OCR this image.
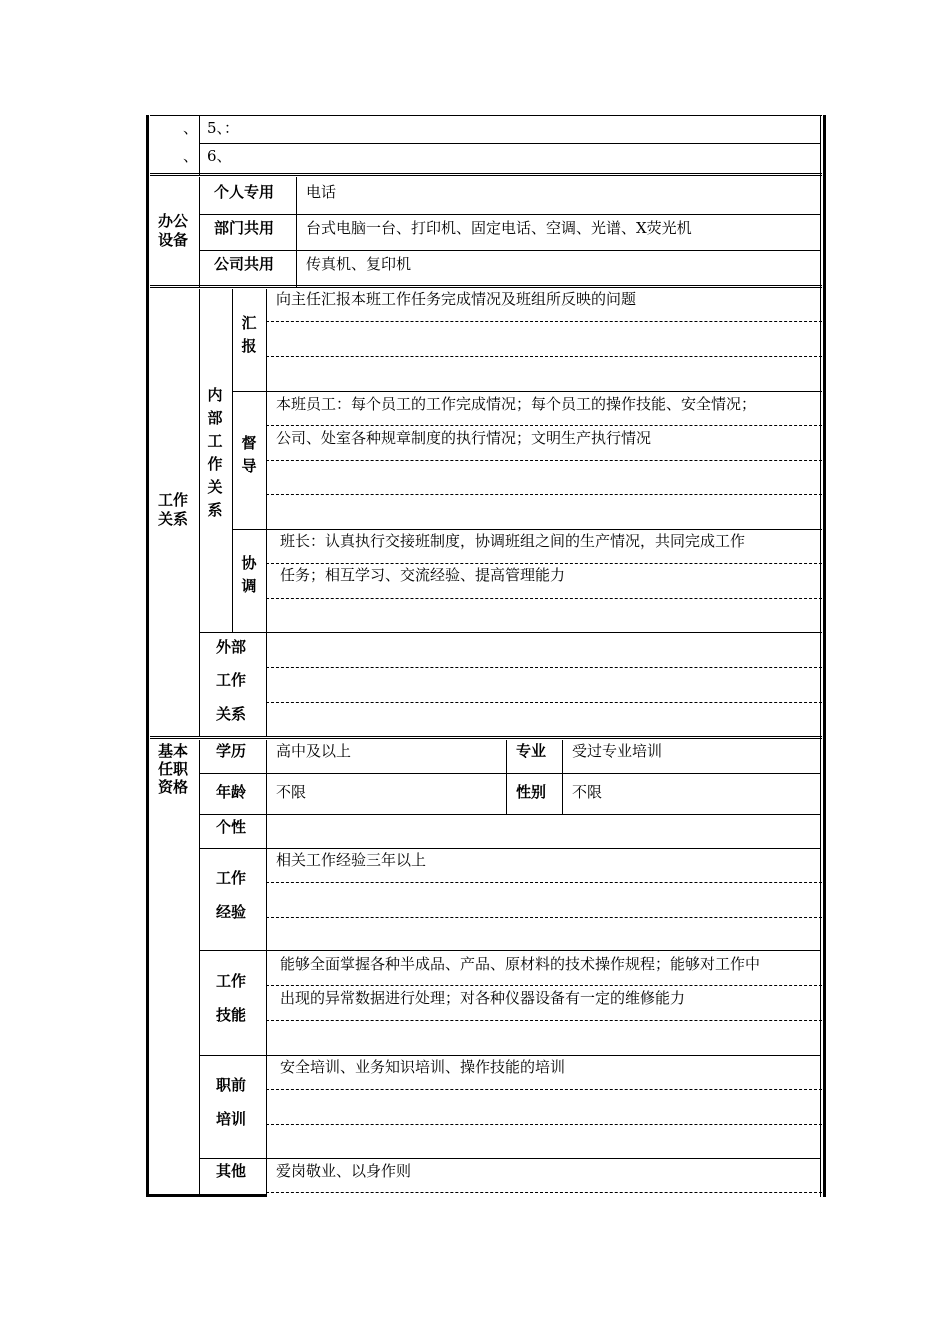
、 5、：
、 6、
办公设备
个人专用 电话
部门共用 台式电脑一台、打印机、固定电话、空调、光谱、X荧光机
公司共用 传真机、复印机
工作关系
内部工作关系
汇报
向主任汇报本班工作任务完成情况及班组所反映的问题
督导
本班员工：每个员工的工作完成情况；每个员工的操作技能、安全情况；
公司、处室各种规章制度的执行情况；文明生产执行情况
协调
班长：认真执行交接班制度，协调班组之间的生产情况，共同完成工作
任务；相互学习、交流经验、提高管理能力
外部
工作
关系
基本任职资格
学历 高中及以上	专业 受过专业培训
年龄 不限	性别 不限
个性
工作
经验
相关工作经验三年以上
工作
技能
能够全面掌握各种半成品、产品、原材料的技术操作规程；能够对工作中
出现的异常数据进行处理；对各种仪器设备有一定的维修能力
职前
培训
安全培训、业务知识培训、操作技能的培训
其他 爱岗敬业、以身作则
